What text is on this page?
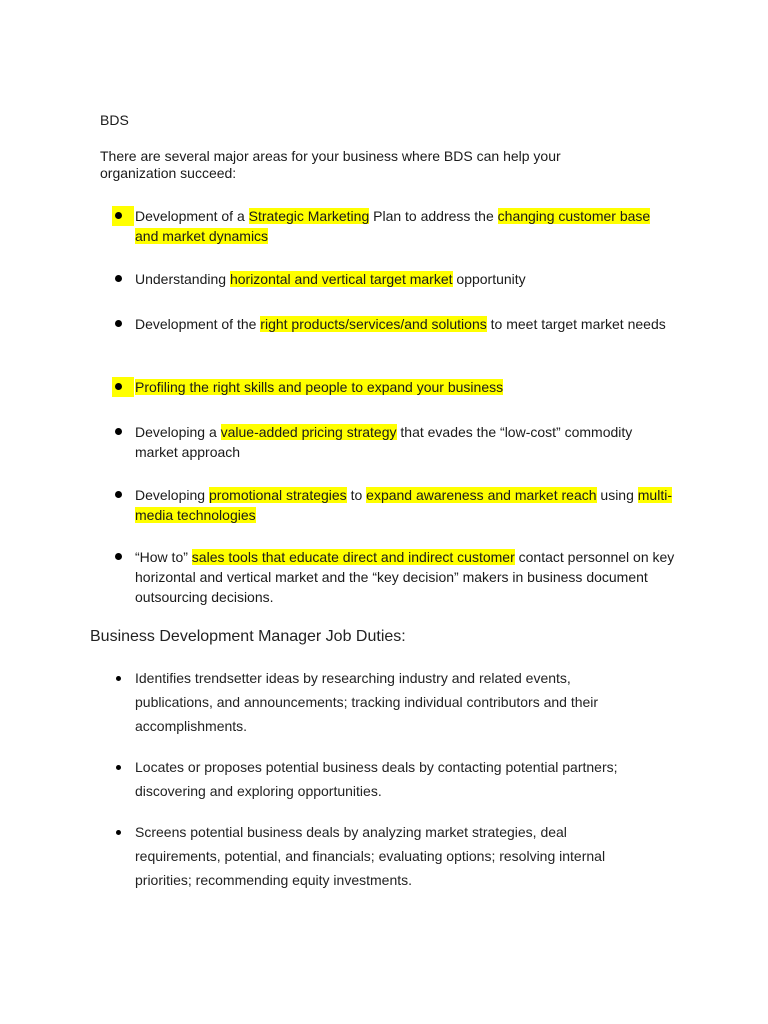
BDS
There are several major areas for your business where BDS can help your organization succeed:
Development of a Strategic Marketing Plan to address the changing customer base and market dynamics
Understanding horizontal and vertical target market opportunity
Development of the right products/services/and solutions to meet target market needs
Profiling the right skills and people to expand your business
Developing a value-added pricing strategy that evades the “low-cost” commodity market approach
Developing promotional strategies to expand awareness and market reach using multi-media technologies
“How to” sales tools that educate direct and indirect customer contact personnel on key horizontal and vertical market and the “key decision” makers in business document outsourcing decisions.
Business Development Manager Job Duties:
Identifies trendsetter ideas by researching industry and related events, publications, and announcements; tracking individual contributors and their accomplishments.
Locates or proposes potential business deals by contacting potential partners; discovering and exploring opportunities.
Screens potential business deals by analyzing market strategies, deal requirements, potential, and financials; evaluating options; resolving internal priorities; recommending equity investments.
